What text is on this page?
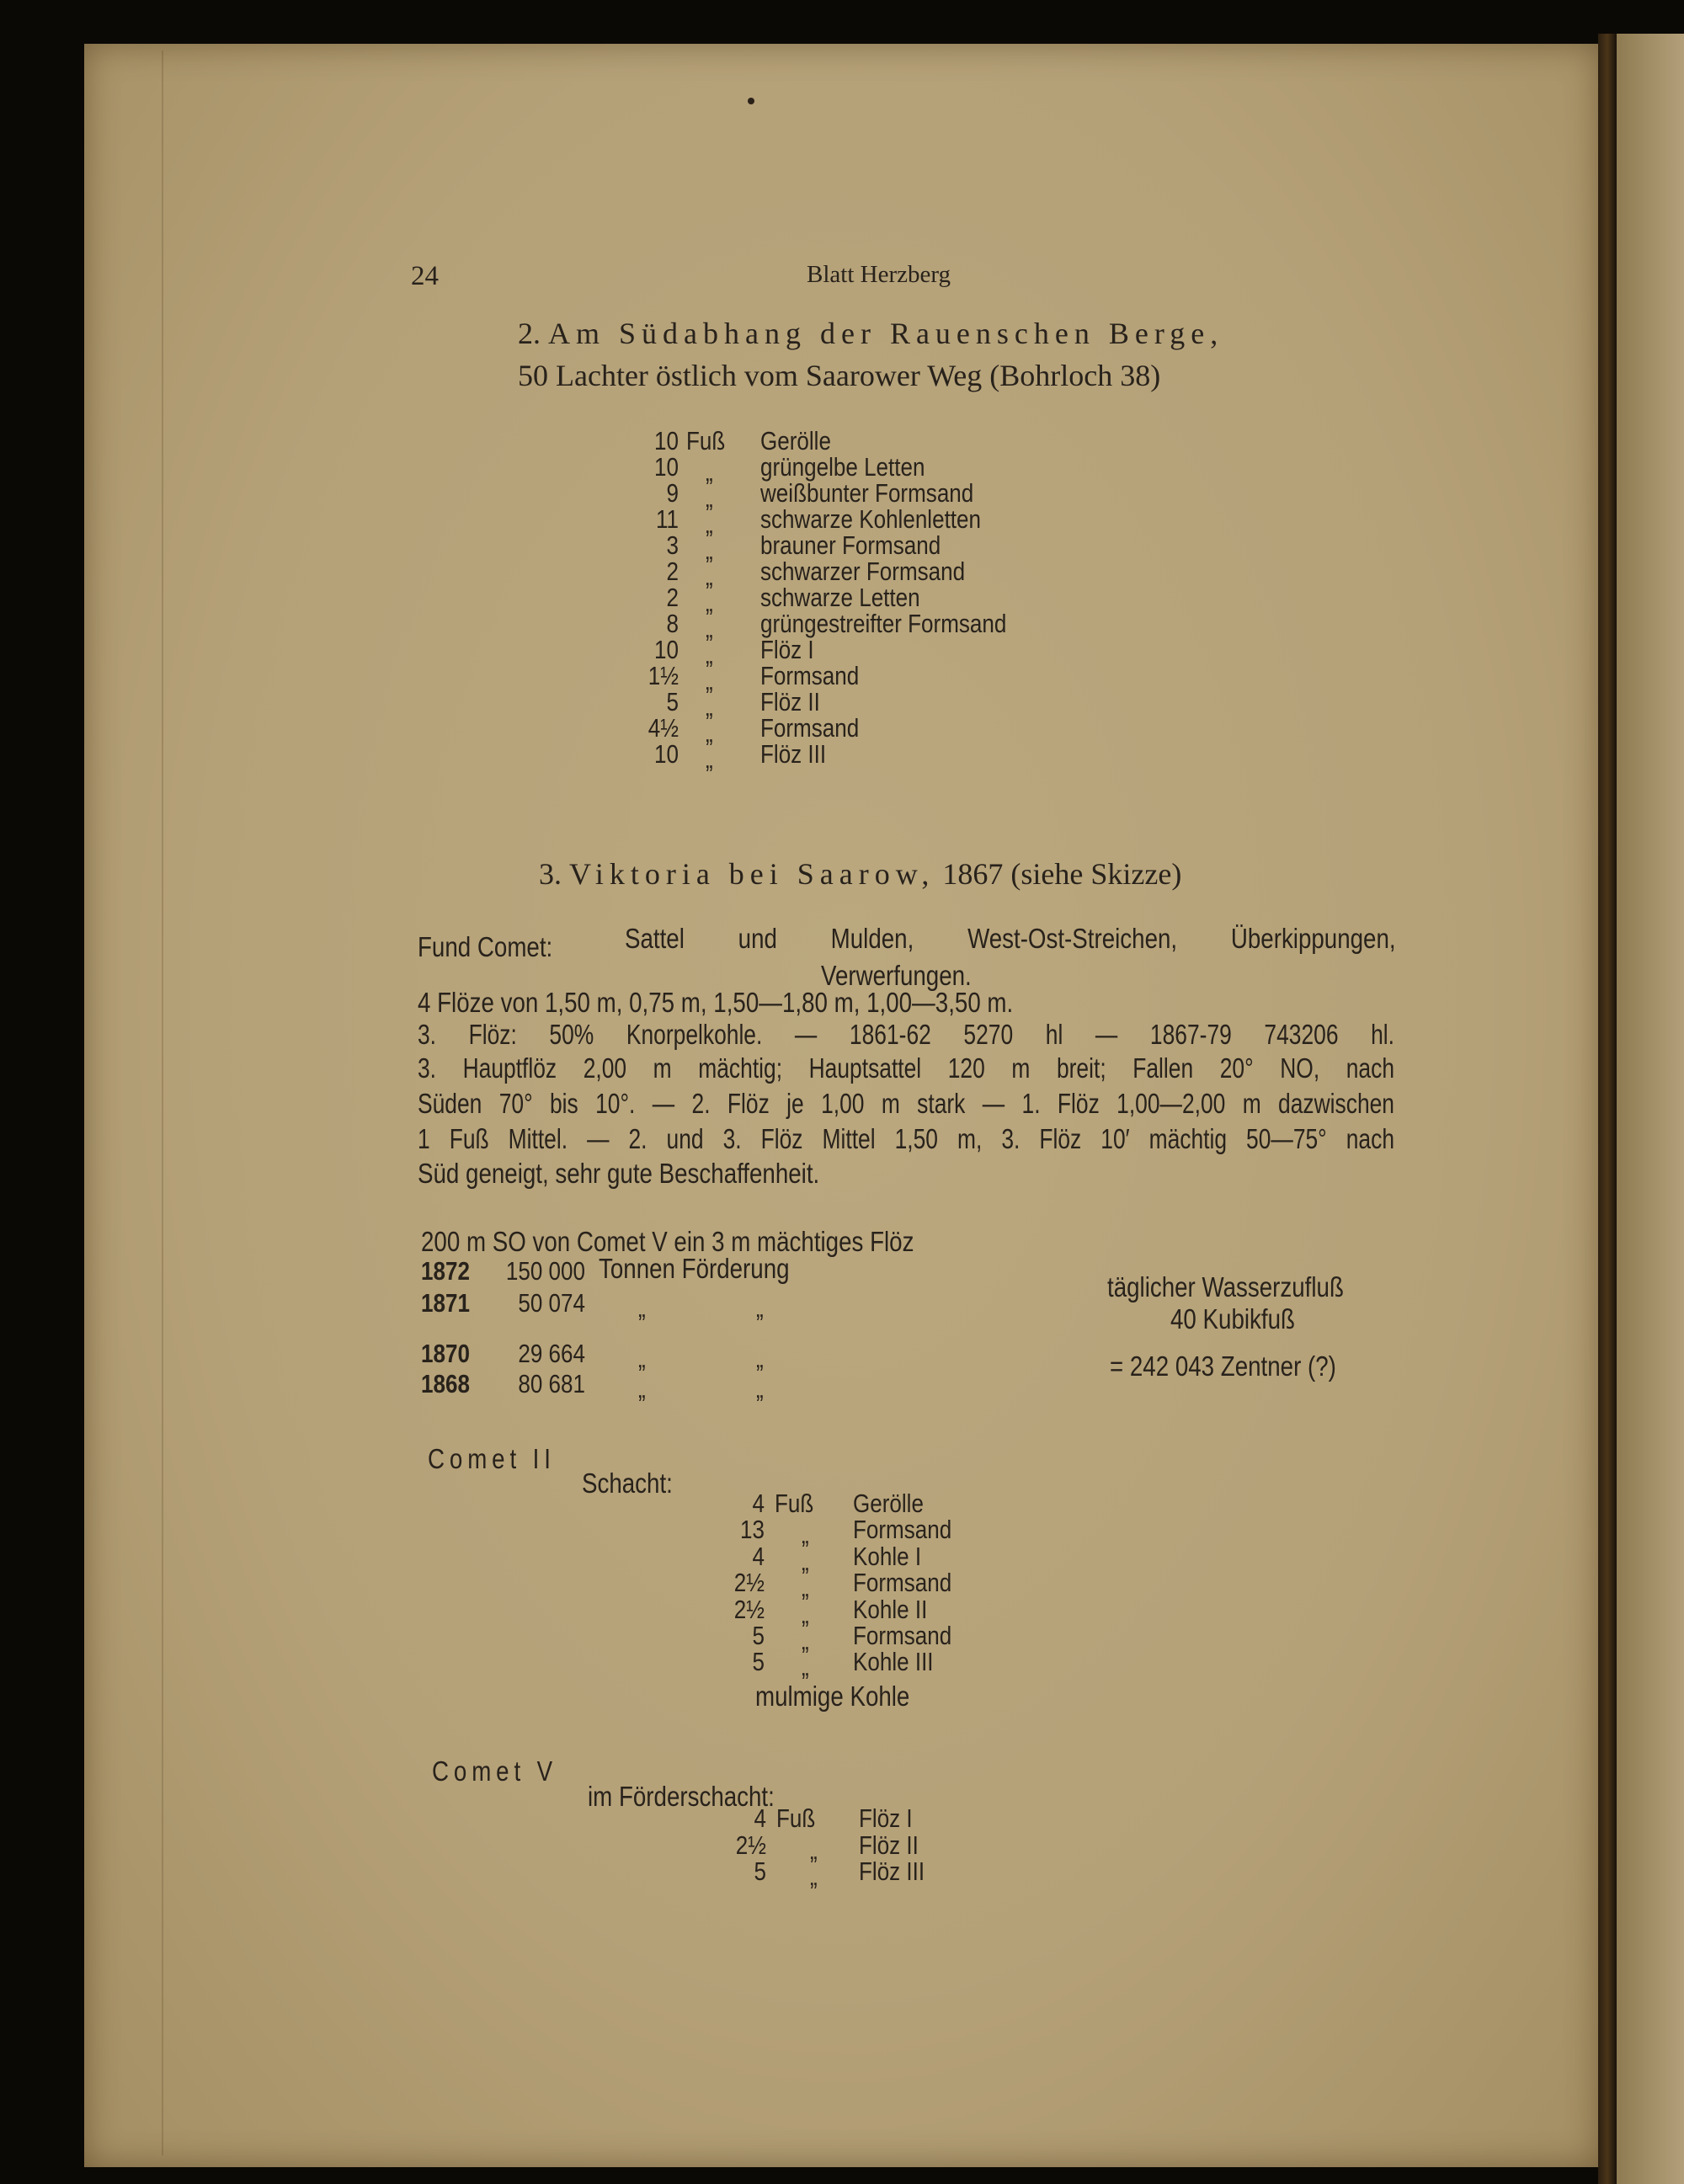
24	Blatt Herzberg
2. Am Südabhang der Rauenschen Berge,
50 Lachter östlich vom Saarower Weg (Bohrloch 38)
10 Fuß Gerölle
10 „ grüngelbe Letten
9 „ weißbunter Formsand
11 „ schwarze Kohlenletten
3 „ brauner Formsand
2 „ schwarzer Formsand
2 „ schwarze Letten
8 „ grüngestreifter Formsand
10 „ Flöz I
1½ „ Formsand
5 „ Flöz II
4½ „ Formsand
10 „ Flöz III
3. Viktoria bei Saarow, 1867 (siehe Skizze)
Fund Comet:	Sattel und Mulden, West-Ost-Streichen, Überkippungen,
Verwerfungen.
4 Flöze von 1,50 m, 0,75 m, 1,50—1,80 m, 1,00—3,50 m.
3. Flöz: 50% Knorpelkohle. — 1861-62 5270 hl — 1867-79 743206 hl.
3. Hauptflöz 2,00 m mächtig; Hauptsattel 120 m breit; Fallen 20° NO, nach
Süden 70° bis 10°. — 2. Flöz je 1,00 m stark — 1. Flöz 1,00—2,00 m dazwischen
1 Fuß Mittel. — 2. und 3. Flöz Mittel 1,50 m, 3. Flöz 10′ mächtig 50—75° nach
Süd geneigt, sehr gute Beschaffenheit.
200 m SO von Comet V ein 3 m mächtiges Flöz
1872	150 000 Tonnen Förderung
1871	50 074 „	„
1870	29 664 „	„
1868	80 681 „	„
täglicher Wasserzufluß
40 Kubikfuß
= 242 043 Zentner (?)
Comet II
Schacht:
4 Fuß Gerölle
13 „ Formsand
4 „ Kohle I
2½ „ Formsand
2½ „ Kohle II
5 „ Formsand
5 „ Kohle III
mulmige Kohle
Comet V
im Förderschacht:
4 Fuß Flöz I
2½ „ Flöz II
5 „ Flöz III
